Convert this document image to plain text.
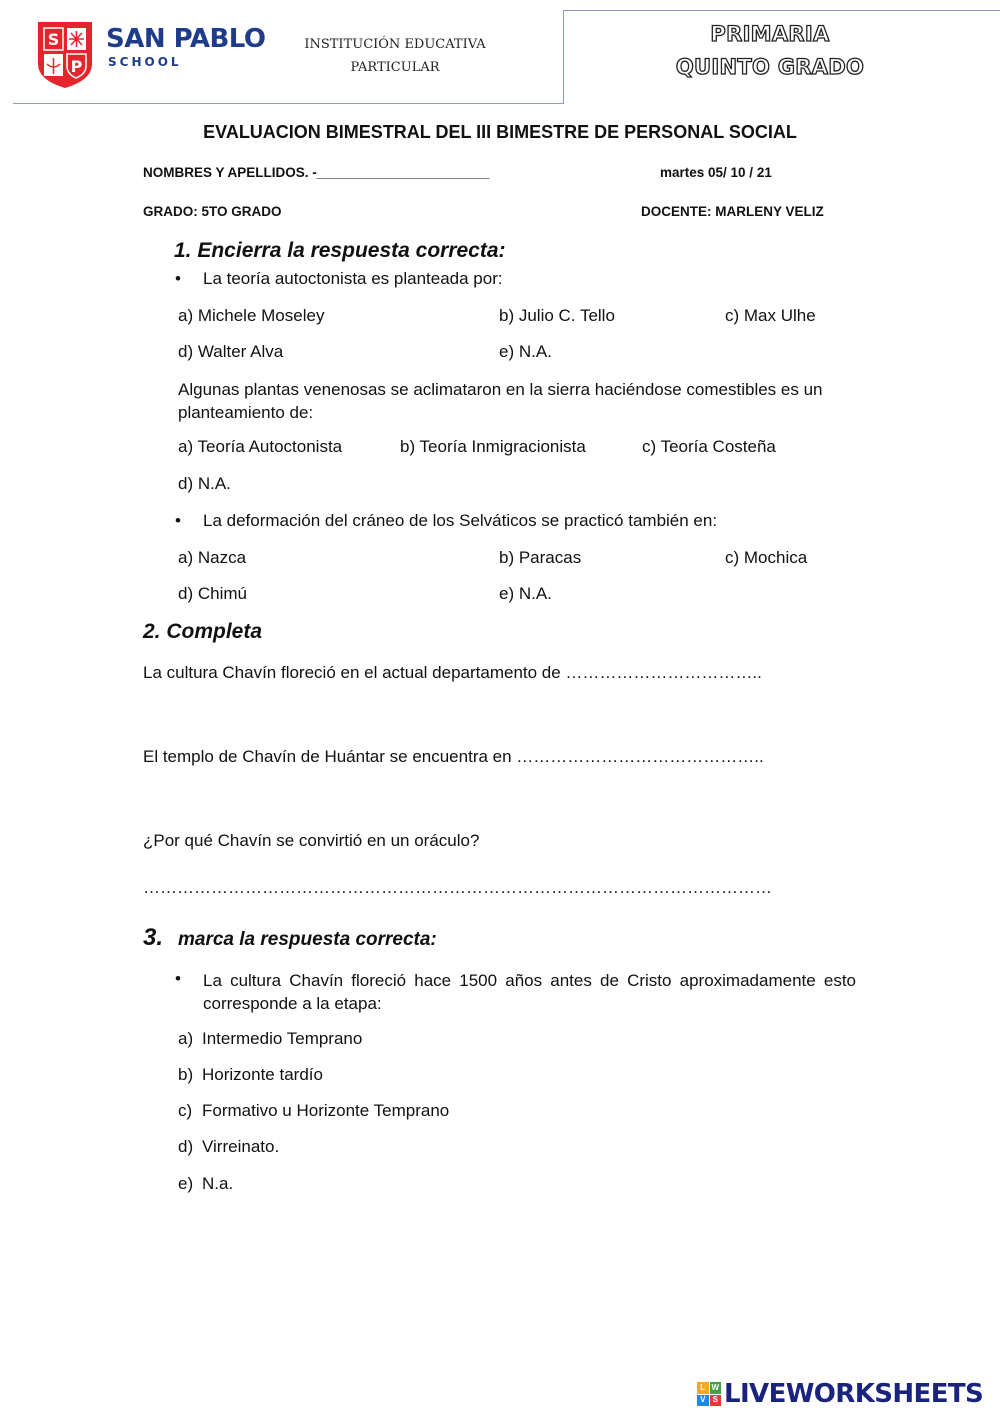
S
P
SAN PABLO
SCHOOL
INSTITUCIÓN EDUCATIVA
PARTICULAR
PRIMARIA
QUINTO GRADO
EVALUACION BIMESTRAL DEL III BIMESTRE DE PERSONAL SOCIAL
NOMBRES Y APELLIDOS. -_______________________	martes 05/ 10 / 21
GRADO: 5TO GRADO	DOCENTE: MARLENY VELIZ
1. Encierra la respuesta correcta:
• La teoría autoctonista es planteada por:
a) Michele Moseley	b) Julio C. Tello	c) Max Ulhe
d) Walter Alva	e) N.A.
Algunas plantas venenosas se aclimataron en la sierra haciéndose comestibles es un planteamiento de:
a) Teoría Autoctonista	b) Teoría Inmigracionista	c) Teoría Costeña
d) N.A.
• La deformación del cráneo de los Selváticos se practicó también en:
a) Nazca	b) Paracas	c) Mochica
d) Chimú	e) N.A.
2. Completa
La cultura Chavín floreció en el actual departamento de ……………………………..
El templo de Chavín de Huántar se encuentra en ……………………………………..
¿Por qué Chavín se convirtió en un oráculo?
…………………………………………………………………………………………………
3. marca la respuesta correcta:
• La cultura Chavín floreció hace 1500 años antes de Cristo aproximadamente esto corresponde a la etapa:
a) Intermedio Temprano
b) Horizonte tardío
c) Formativo u Horizonte Temprano
d) Virreinato.
e) N.a.
L W
V S LIVEWORKSHEETS
